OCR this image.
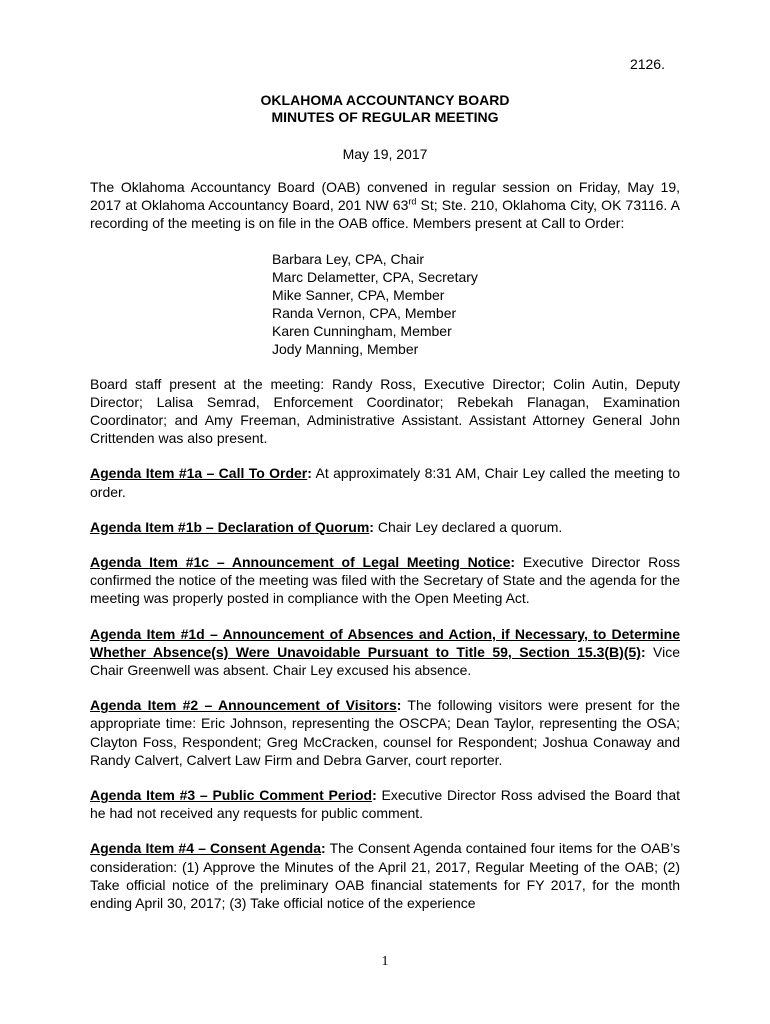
2126.
OKLAHOMA ACCOUNTANCY BOARD
MINUTES OF REGULAR MEETING
May 19, 2017

The Oklahoma Accountancy Board (OAB) convened in regular session on Friday, May 19, 2017 at Oklahoma Accountancy Board, 201 NW 63rd St; Ste. 210, Oklahoma City, OK 73116. A recording of the meeting is on file in the OAB office. Members present at Call to Order:

Barbara Ley, CPA, Chair
Marc Delametter, CPA, Secretary
Mike Sanner, CPA, Member
Randa Vernon, CPA, Member
Karen Cunningham, Member
Jody Manning, Member

Board staff present at the meeting: Randy Ross, Executive Director; Colin Autin, Deputy Director; Lalisa Semrad, Enforcement Coordinator; Rebekah Flanagan, Examination Coordinator; and Amy Freeman, Administrative Assistant. Assistant Attorney General John Crittenden was also present.

Agenda Item #1a – Call To Order: At approximately 8:31 AM, Chair Ley called the meeting to order.

Agenda Item #1b – Declaration of Quorum: Chair Ley declared a quorum.

Agenda Item #1c – Announcement of Legal Meeting Notice: Executive Director Ross confirmed the notice of the meeting was filed with the Secretary of State and the agenda for the meeting was properly posted in compliance with the Open Meeting Act.

Agenda Item #1d – Announcement of Absences and Action, if Necessary, to Determine Whether Absence(s) Were Unavoidable Pursuant to Title 59, Section 15.3(B)(5): Vice Chair Greenwell was absent. Chair Ley excused his absence.

Agenda Item #2 – Announcement of Visitors: The following visitors were present for the appropriate time: Eric Johnson, representing the OSCPA; Dean Taylor, representing the OSA; Clayton Foss, Respondent; Greg McCracken, counsel for Respondent; Joshua Conaway and Randy Calvert, Calvert Law Firm and Debra Garver, court reporter.

Agenda Item #3 – Public Comment Period: Executive Director Ross advised the Board that he had not received any requests for public comment.

Agenda Item #4 – Consent Agenda: The Consent Agenda contained four items for the OAB’s consideration: (1) Approve the Minutes of the April 21, 2017, Regular Meeting of the OAB; (2) Take official notice of the preliminary OAB financial statements for FY 2017, for the month ending April 30, 2017; (3) Take official notice of the experience

1
